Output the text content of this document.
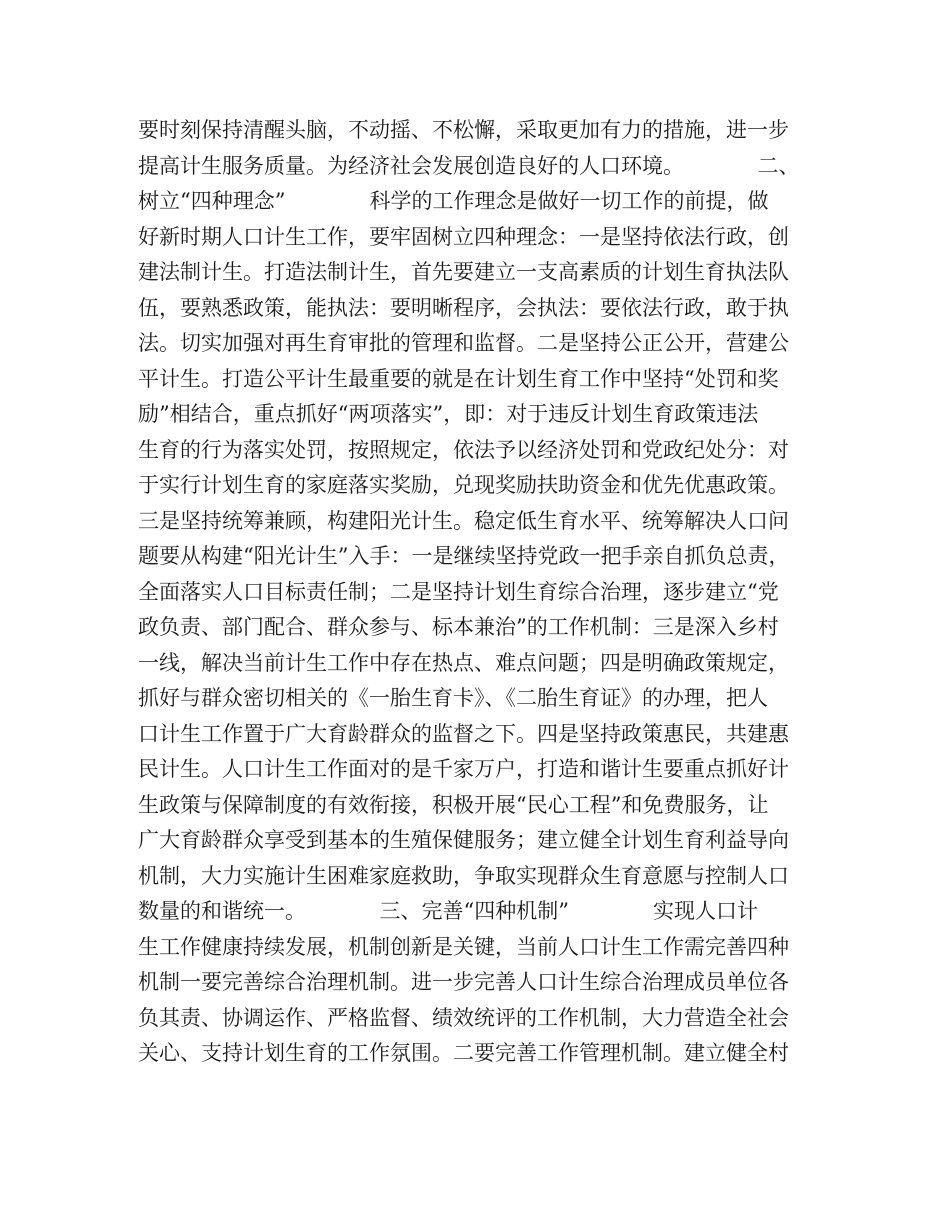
要时刻保持清醒头脑，不动摇、不松懈，采取更加有力的措施，进一步
提高计生服务质量。为经济社会发展创造良好的人口环境。　　　　二、
树立“四种理念”　　　　科学的工作理念是做好一切工作的前提，做
好新时期人口计生工作，要牢固树立四种理念：一是坚持依法行政，创
建法制计生。打造法制计生，首先要建立一支高素质的计划生育执法队
伍，要熟悉政策，能执法：要明晰程序，会执法：要依法行政，敢于执
法。切实加强对再生育审批的管理和监督。二是坚持公正公开，营建公
平计生。打造公平计生最重要的就是在计划生育工作中坚持“处罚和奖
励”相结合，重点抓好“两项落实”，即：对于违反计划生育政策违法
生育的行为落实处罚，按照规定，依法予以经济处罚和党政纪处分：对
于实行计划生育的家庭落实奖励，兑现奖励扶助资金和优先优惠政策。
三是坚持统筹兼顾，构建阳光计生。稳定低生育水平、统筹解决人口问
题要从构建“阳光计生”入手：一是继续坚持党政一把手亲自抓负总责，
全面落实人口目标责任制；二是坚持计划生育综合治理，逐步建立“党
政负责、部门配合、群众参与、标本兼治”的工作机制：三是深入乡村
一线，解决当前计生工作中存在热点、难点问题；四是明确政策规定，
抓好与群众密切相关的《一胎生育卡》、《二胎生育证》的办理，把人
口计生工作置于广大育龄群众的监督之下。四是坚持政策惠民，共建惠
民计生。人口计生工作面对的是千家万户，打造和谐计生要重点抓好计
生政策与保障制度的有效衔接，积极开展“民心工程”和免费服务，让
广大育龄群众享受到基本的生殖保健服务；建立健全计划生育利益导向
机制，大力实施计生困难家庭救助，争取实现群众生育意愿与控制人口
数量的和谐统一。　　　　三、完善“四种机制”　　　　实现人口计
生工作健康持续发展，机制创新是关键，当前人口计生工作需完善四种
机制一要完善综合治理机制。进一步完善人口计生综合治理成员单位各
负其责、协调运作、严格监督、绩效统评的工作机制，大力营造全社会
关心、支持计划生育的工作氛围。二要完善工作管理机制。建立健全村
